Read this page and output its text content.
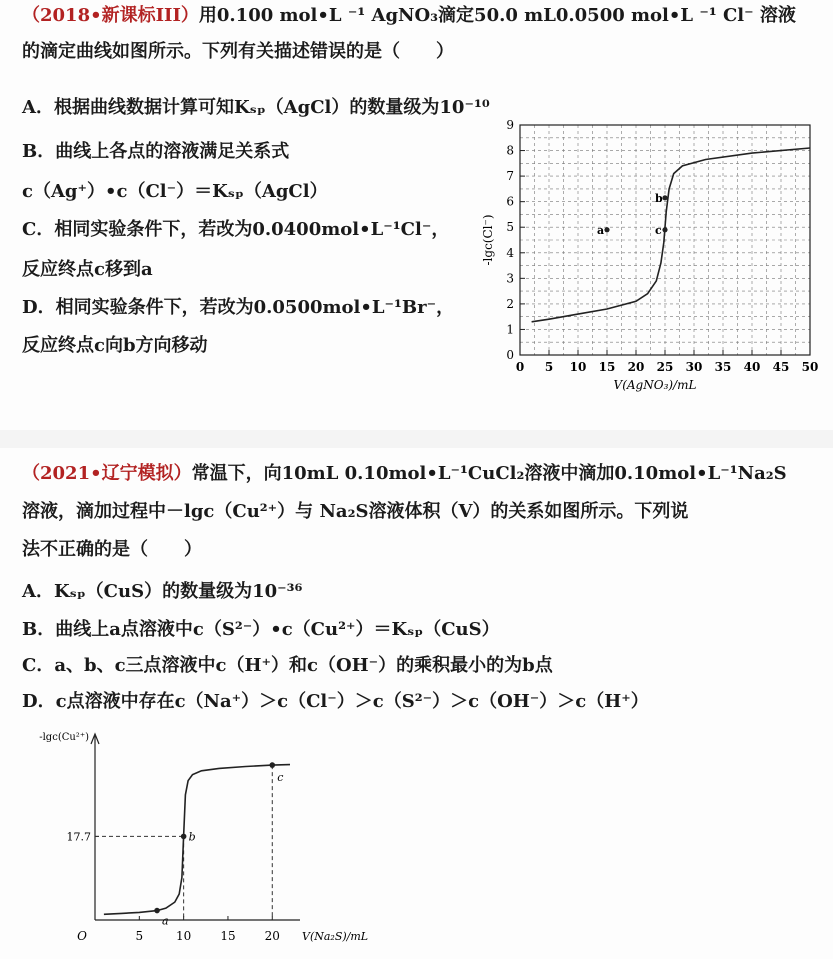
（2018•新课标III）用0.100 mol•L ⁻¹ AgNO₃滴定50.0 mL0.0500 mol•L ⁻¹ Cl⁻ 溶液
的滴定曲线如图所示。下列有关描述错误的是（　　）
A．根据曲线数据计算可知Kₛₚ（AgCl）的数量级为10⁻¹⁰
B．曲线上各点的溶液满足关系式
c（Ag⁺）•c（Cl⁻）＝Kₛₚ（AgCl）
C．相同实验条件下，若改为0.0400mol•L⁻¹Cl⁻，
反应终点c移到a
D．相同实验条件下，若改为0.0500mol•L⁻¹Br⁻，
反应终点c向b方向移动	0
1
2
3
4
5
6
7
8
9
0 5 10 15 20 25 30 35 40 45 50
V(AgNO₃)/mL
-lgc(Cl⁻)	a
b
c
（2021•辽宁模拟）常温下，向10mL 0.10mol•L⁻¹CuCl₂溶液中滴加0.10mol•L⁻¹Na₂S
溶液，滴加过程中－lgc（Cu²⁺）与 Na₂S溶液体积（V）的关系如图所示。下列说
法不正确的是（　　）
A．Kₛₚ（CuS）的数量级为10⁻³⁶
B．曲线上a点溶液中c（S²⁻）•c（Cu²⁺）＝Kₛₚ（CuS）
C．a、b、c三点溶液中c（H⁺）和c（OH⁻）的乘积最小的为b点
D．c点溶液中存在c（Na⁺）＞c（Cl⁻）＞c（S²⁻）＞c（OH⁻）＞c（H⁺）
O	5	10 15 20
17.7
V(Na₂S)/mL
-lgc(Cu²⁺)
a
b
c
